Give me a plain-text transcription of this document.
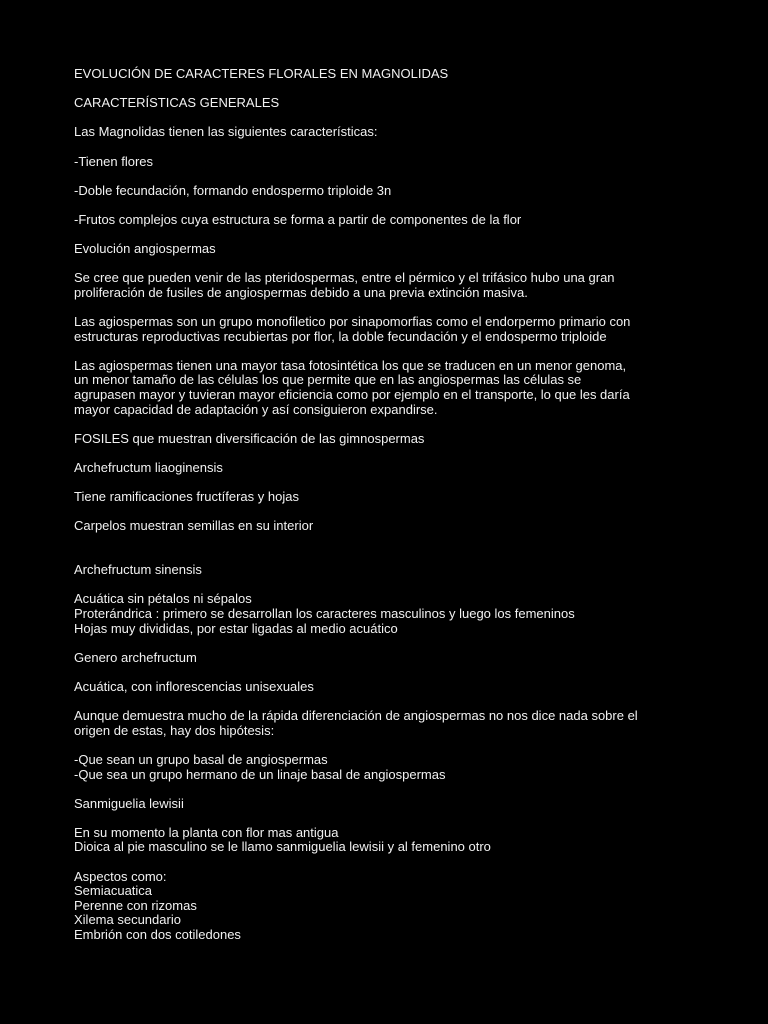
EVOLUCIÓN DE CARACTERES FLORALES EN MAGNOLIDAS

CARACTERÍSTICAS GENERALES

Las Magnolidas tienen las siguientes características:

-Tienen flores

-Doble fecundación, formando endospermo triploide 3n

-Frutos complejos cuya estructura se forma a partir de componentes de la flor

Evolución angiospermas

Se cree que pueden venir de las pteridospermas, entre el pérmico y el trifásico hubo una gran
proliferación de fusiles de angiospermas debido a una previa extinción masiva.

Las agiospermas son un grupo monofiletico por sinapomorfias como el endorpermo primario con
estructuras reproductivas recubiertas por flor, la doble fecundación y el endospermo triploide

Las agiospermas tienen una mayor tasa fotosintética los que se traducen en un menor genoma,
un menor tamaño de las células los que permite que en las angiospermas las células se
agrupasen mayor y tuvieran mayor eficiencia como por ejemplo en el transporte, lo que les daría
mayor capacidad de adaptación y así consiguieron expandirse.

FOSILES que muestran diversificación de las gimnospermas

Archefructum liaoginensis

Tiene ramificaciones fructíferas y hojas

Carpelos muestran semillas en su interior

Archefructum sinensis

Acuática sin pétalos ni sépalos
Proterándrica : primero se desarrollan los caracteres masculinos y luego los femeninos
Hojas muy divididas, por estar ligadas al medio acuático

Genero archefructum

Acuática, con inflorescencias unisexuales

Aunque demuestra mucho de la rápida diferenciación de angiospermas no nos dice nada sobre el
origen de estas, hay dos hipótesis:

-Que sean un grupo basal de angiospermas
-Que sea un grupo hermano de un linaje basal de angiospermas

Sanmiguelia lewisii

En su momento la planta con flor mas antigua
Dioica al pie masculino se le llamo sanmiguelia lewisii y al femenino otro

Aspectos como:
Semiacuatica
Perenne con rizomas
Xilema secundario
Embrión con dos cotiledones
